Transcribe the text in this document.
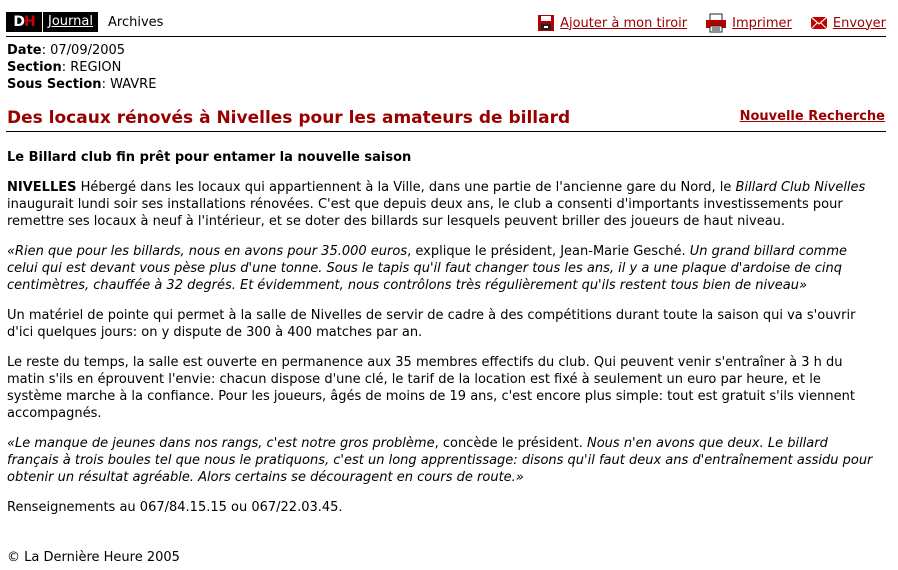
DH	Journal	Archives	Ajouter à mon tiroir	Imprimer	Envoyer
Date: 07/09/2005
Section: REGION
Sous Section: WAVRE
Des locaux rénovés à Nivelles pour les amateurs de billard	Nouvelle Recherche
Le Billard club fin prêt pour entamer la nouvelle saison

NIVELLES Hébergé dans les locaux qui appartiennent à la Ville, dans une partie de l'ancienne gare du Nord, le Billard Club Nivelles inaugurait lundi soir ses installations rénovées. C'est que depuis deux ans, le club a consenti d'importants investissements pour remettre ses locaux à neuf à l'intérieur, et se doter des billards sur lesquels peuvent briller des joueurs de haut niveau.

«Rien que pour les billards, nous en avons pour 35.000 euros, explique le président, Jean-Marie Gesché. Un grand billard comme celui qui est devant vous pèse plus d'une tonne. Sous le tapis qu'il faut changer tous les ans, il y a une plaque d'ardoise de cinq centimètres, chauffée à 32 degrés. Et évidemment, nous contrôlons très régulièrement qu'ils restent tous bien de niveau»

Un matériel de pointe qui permet à la salle de Nivelles de servir de cadre à des compétitions durant toute la saison qui va s'ouvrir d'ici quelques jours: on y dispute de 300 à 400 matches par an.

Le reste du temps, la salle est ouverte en permanence aux 35 membres effectifs du club. Qui peuvent venir s'entraîner à 3 h du matin s'ils en éprouvent l'envie: chacun dispose d'une clé, le tarif de la location est fixé à seulement un euro par heure, et le système marche à la confiance. Pour les joueurs, âgés de moins de 19 ans, c'est encore plus simple: tout est gratuit s'ils viennent accompagnés.

«Le manque de jeunes dans nos rangs, c'est notre gros problème, concède le président. Nous n'en avons que deux. Le billard français à trois boules tel que nous le pratiquons, c'est un long apprentissage: disons qu'il faut deux ans d'entraînement assidu pour obtenir un résultat agréable. Alors certains se découragent en cours de route.»

Renseignements au 067/84.15.15 ou 067/22.03.45.

© La Dernière Heure 2005
